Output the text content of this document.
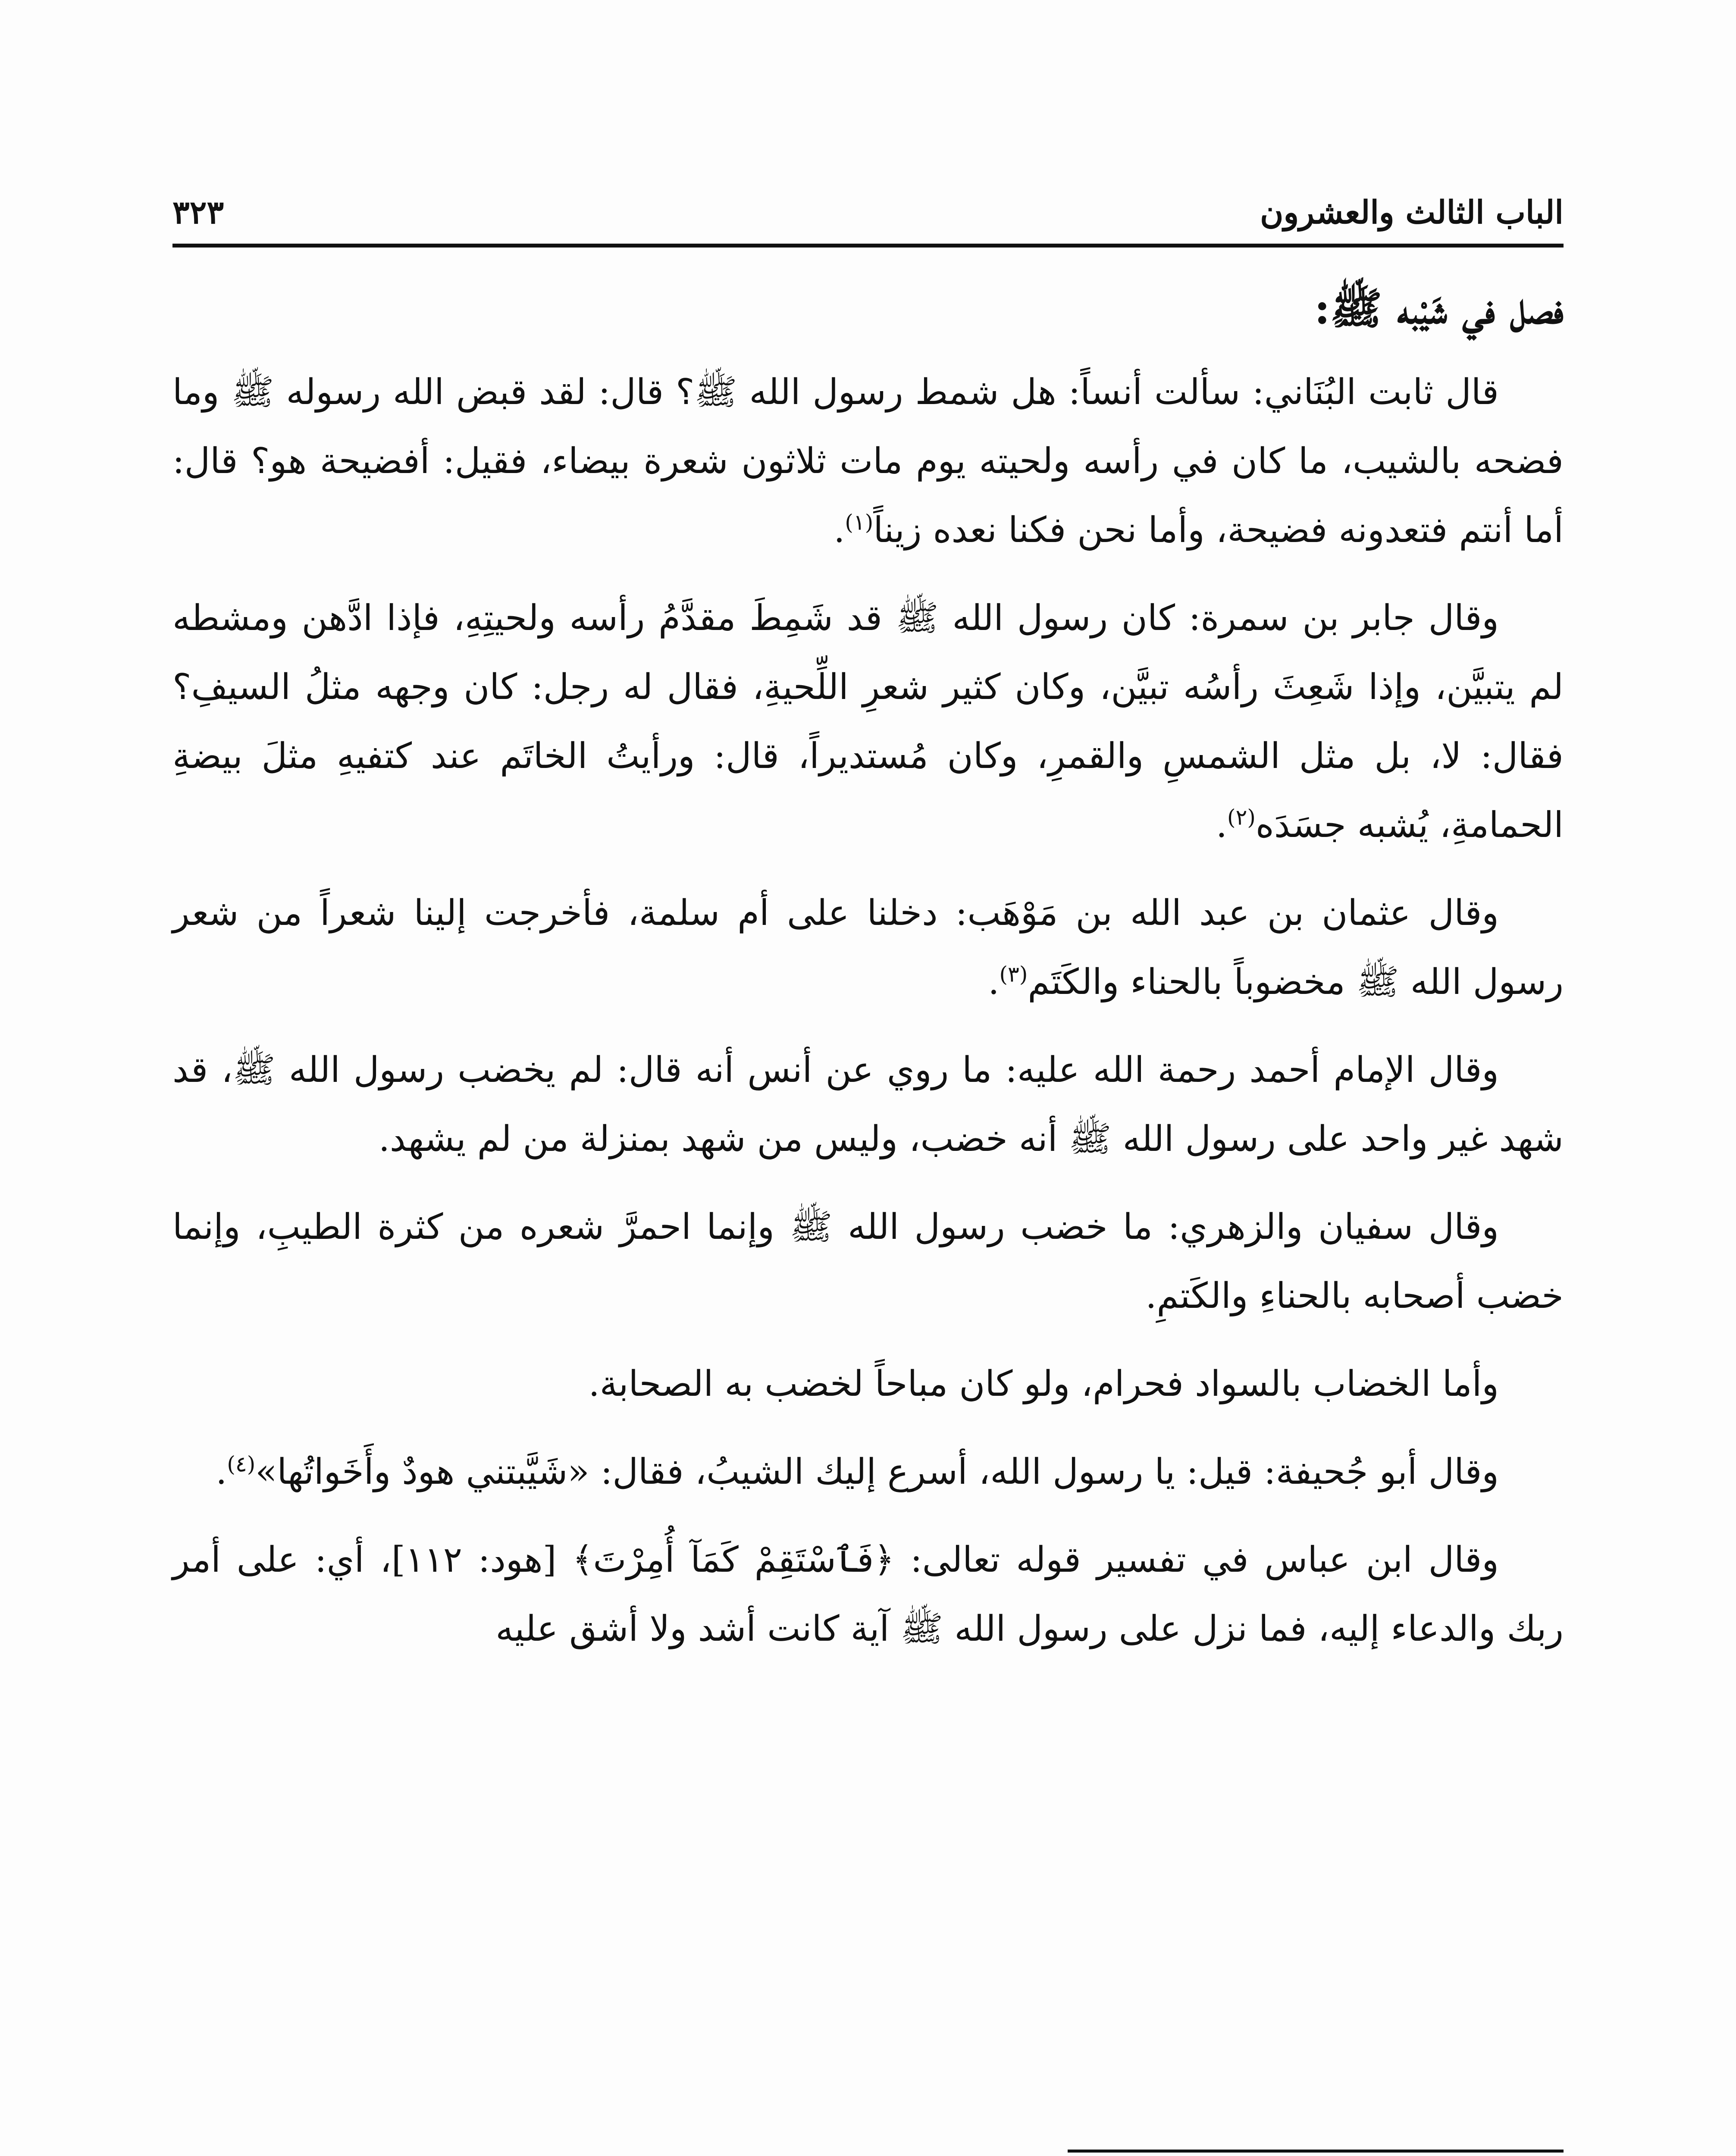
الباب الثالث والعشرون
٣٢٣
فصل في شَيْبه ﷺ:

قال ثابت البُنَاني: سألت أنساً: هل شمط رسول الله ﷺ؟ قال: لقد قبض الله رسوله ﷺ وما فضحه بالشيب، ما كان في رأسه ولحيته يوم مات ثلاثون شعرة بيضاء، فقيل: أفضيحة هو؟ قال: أما أنتم فتعدونه فضيحة، وأما نحن فكنا نعده زيناً$^{(١)}$.

وقال جابر بن سمرة: كان رسول الله ﷺ قد شَمِطَ مقدَّمُ رأسه ولحيتِهِ، فإذا ادَّهن ومشطه لم يتبيَّن، وإذا شَعِثَ رأسُه تبيَّن، وكان كثير شعرِ اللِّحيةِ، فقال له رجل: كان وجهه مثلُ السيفِ؟ فقال: لا، بل مثل الشمسِ والقمرِ، وكان مُستديراً، قال: ورأيتُ الخاتَم عند كتفيهِ مثلَ بيضةِ الحمامةِ، يُشبه جسَدَه$^{(٢)}$.

وقال عثمان بن عبد الله بن مَوْهَب: دخلنا على أم سلمة، فأخرجت إلينا شعراً من شعر رسول الله ﷺ مخضوباً بالحناء والكَتَم$^{(٣)}$.

وقال الإمام أحمد رحمة الله عليه: ما روي عن أنس أنه قال: لم يخضب رسول الله ﷺ، قد شهد غير واحد على رسول الله ﷺ أنه خضب، وليس من شهد بمنزلة من لم يشهد.

وقال سفيان والزهري: ما خضب رسول الله ﷺ وإنما احمرَّ شعره من كثرة الطيبِ، وإنما خضب أصحابه بالحناءِ والكَتمِ.

وأما الخضاب بالسواد فحرام، ولو كان مباحاً لخضب به الصحابة.

وقال أبو جُحيفة: قيل: يا رسول الله، أسرع إليك الشيبُ، فقال: «شَيَّبتني هودٌ وأَخَواتُها»$^{(٤)}$.

وقال ابن عباس في تفسير قوله تعالى: ﴿فَٱسْتَقِمْ كَمَآ أُمِرْتَ﴾ [هود: ١١٢]، أي: على أمر ربك والدعاء إليه، فما نزل على رسول الله ﷺ آية كانت أشد ولا أشق عليه
